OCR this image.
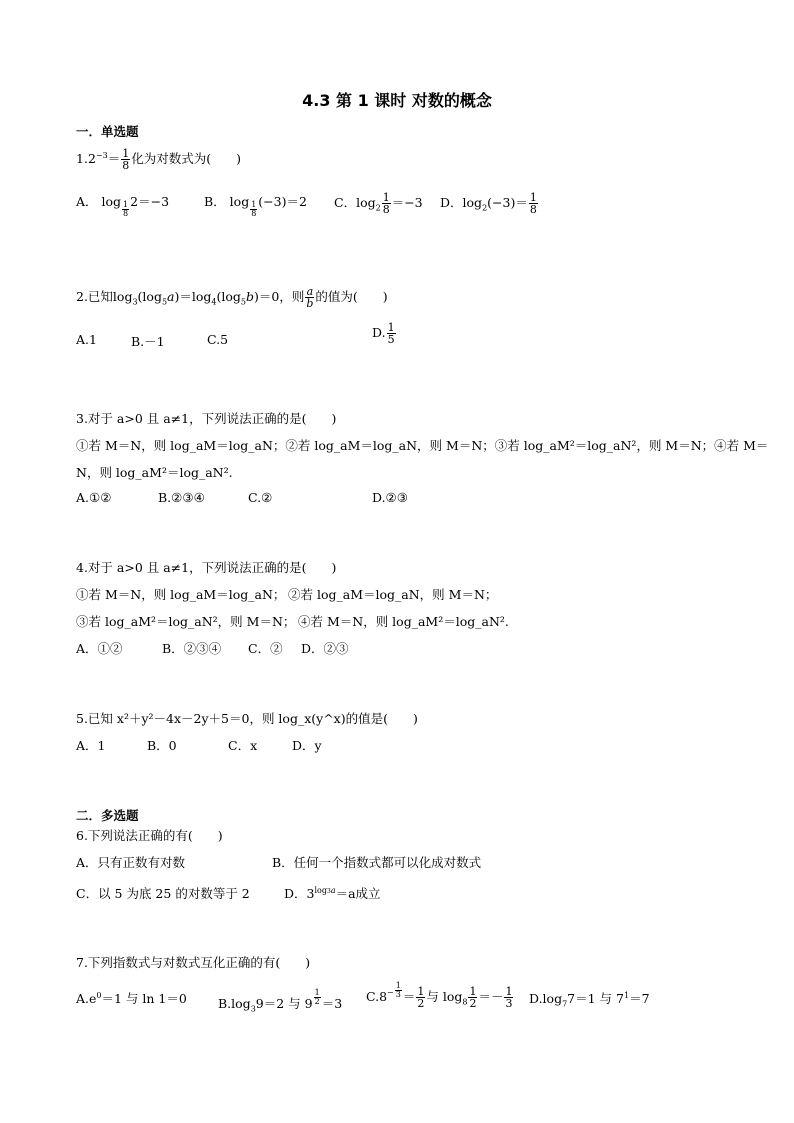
4.3 第 1 课时 对数的概念
一．单选题
$1.2^{-3}= \frac{1}{8}$ 化为对数式为(　　)
A． $\log \frac{1}{8} 2=-3$	B． $\log \frac{1}{8} (-3)=2$ C．$\log_2 \frac{1}{8} =-3$ D．$\log_2(-3)= \frac{1}{8}$
2.已知$\log_3(\log_5a)=\log_4(\log_5b)=0$，则 $\frac{a}{b}$ 的值为(　　)
A.1	B.－1	C.5	D. $\frac{1}{5}$
3.对于 a>0 且 a≠1，下列说法正确的是(　　)
①若 M＝N，则 log_aM＝log_aN；②若 log_aM＝log_aN，则 M＝N；③若 log_aM²＝log_aN²，则 M＝N；④若 M＝
N，则 log_aM²＝log_aN².
A.①②	B.②③④	C.②	D.②③
4.对于 a>0 且 a≠1，下列说法正确的是(　　)
①若 M＝N，则 log_aM＝log_aN； ②若 log_aM＝log_aN，则 M＝N；
③若 log_aM²＝log_aN²，则 M＝N； ④若 M＝N，则 log_aM²＝log_aN².
A．①②	B．②③④ C．② D．②③
5.已知 x²＋y²－4x－2y＋5＝0，则 log_x(y^x)的值是(　　)
A．1	B．0	C．x	D．y
二．多选题
6.下列说法正确的有(　　)
A．只有正数有对数	B．任何一个指数式都可以化成对数式
C．以 5 为底 25 的对数等于 2	D．$3^{log3a}=a$成立
7.下列指数式与对数式互化正确的有(　　)
$A.e^0=1$ 与 ln 1＝0 $B.\log_39=2$ 与 $9 \frac{1}{2} =3$ $C.8^- \frac{1}{3} = \frac{1}{2}$ 与 $\log_8 \frac{1}{2} =- \frac{1}{3} D.\log_77=1$ 与 $7^1=7$
